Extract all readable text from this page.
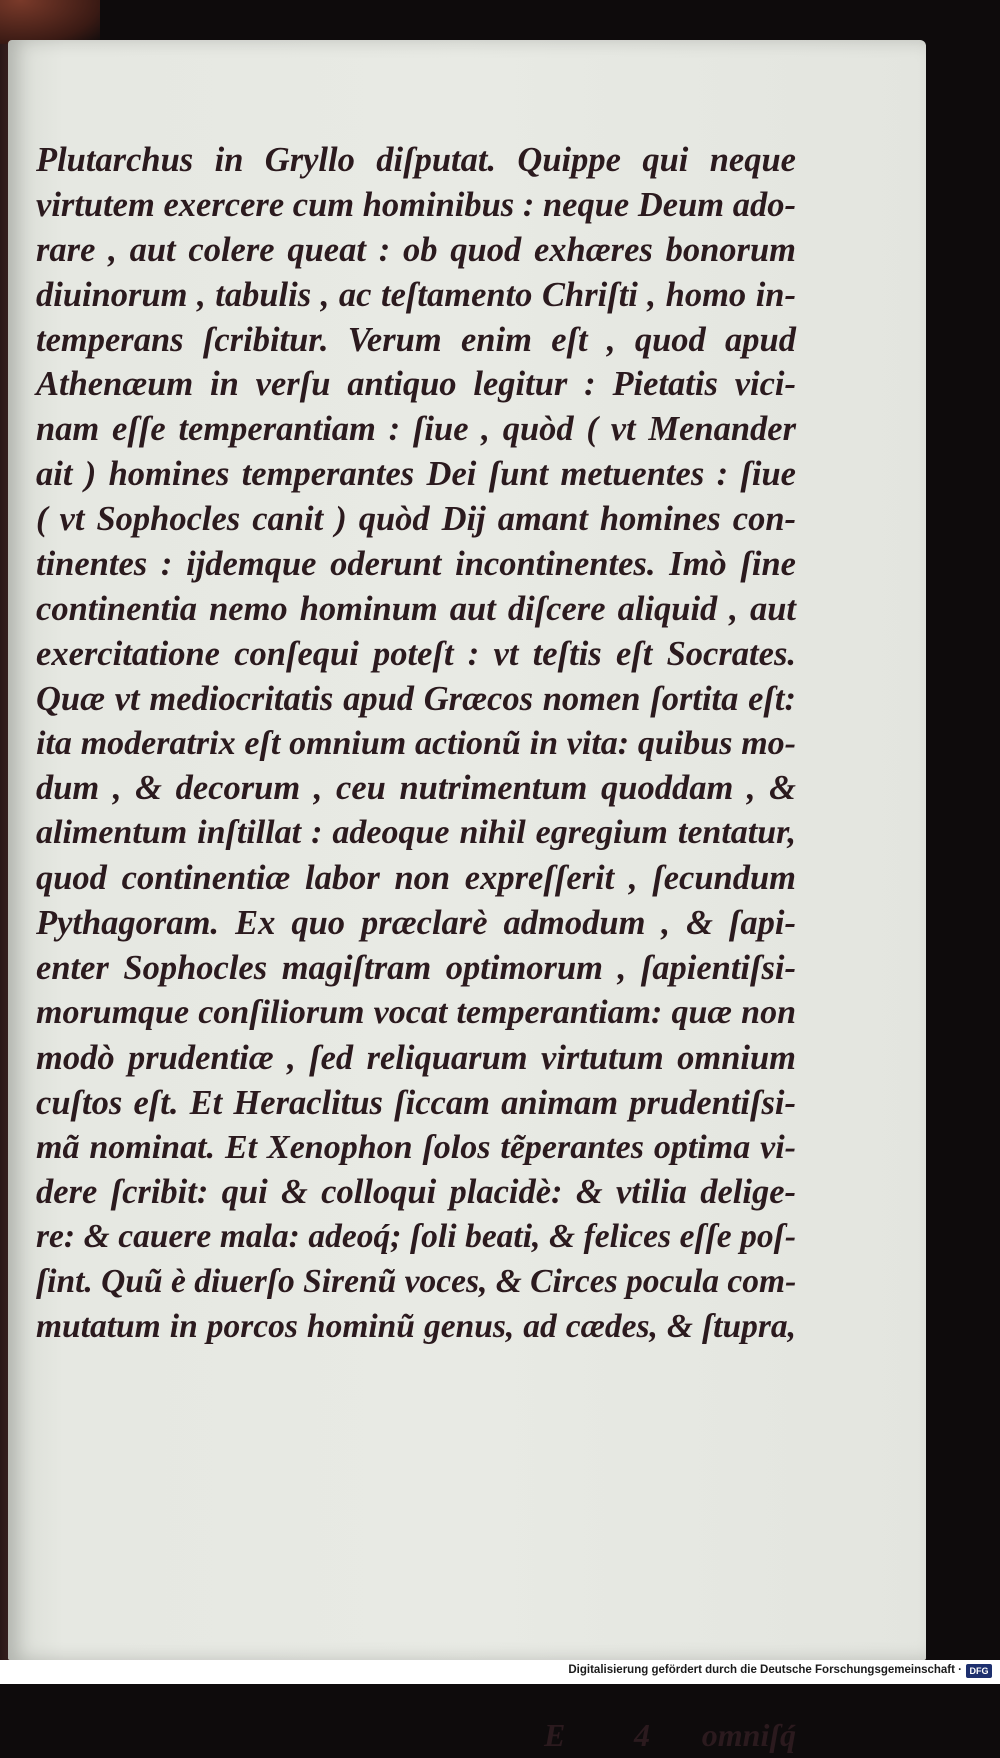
Plutarchus in Gryllo diſputat. Quippe qui neque
virtutem exercere cum hominibus : neque Deum ado-
rare , aut colere queat : ob quod exhæres bonorum
diuinorum , tabulis , ac teſtamento Chriſti , homo in-
temperans ſcribitur. Verum enim eſt , quod apud
Athenæum in verſu antiquo legitur : Pietatis vici-
nam eſſe temperantiam : ſiue , quòd ( vt Menander
ait ) homines temperantes Dei ſunt metuentes : ſiue
( vt Sophocles canit ) quòd Dij amant homines con-
tinentes : ijdemque oderunt incontinentes. Imò ſine
continentia nemo hominum aut diſcere aliquid , aut
exercitatione conſequi poteſt : vt teſtis eſt Socrates.
Quæ vt mediocritatis apud Græcos nomen ſortita eſt:
ita moderatrix eſt omnium actionũ in vita: quibus mo-
dum , & decorum , ceu nutrimentum quoddam , &
alimentum inſtillat : adeoque nihil egregium tentatur,
quod continentiæ labor non expreſſerit , ſecundum
Pythagoram. Ex quo præclarè admodum , & ſapi-
enter Sophocles magiſtram optimorum , ſapientiſsi-
morumque conſiliorum vocat temperantiam: quæ non
modò prudentiæ , ſed reliquarum virtutum omnium
cuſtos eſt. Et Heraclitus ſiccam animam prudentiſsi-
mã nominat. Et Xenophon ſolos tẽperantes optima vi-
dere ſcribit: qui & colloqui placidè: & vtilia delige-
re: & cauere mala: adeoq́; ſoli beati, & felices eſſe poſ-
ſint. Quũ è diuerſo Sirenũ voces, & Circes pocula com-
mutatum in porcos hominũ genus, ad cædes, & ſtupra,
E 4 omniſq́
Digitalisierung gefördert durch die Deutsche Forschungsgemeinschaft · DFG
